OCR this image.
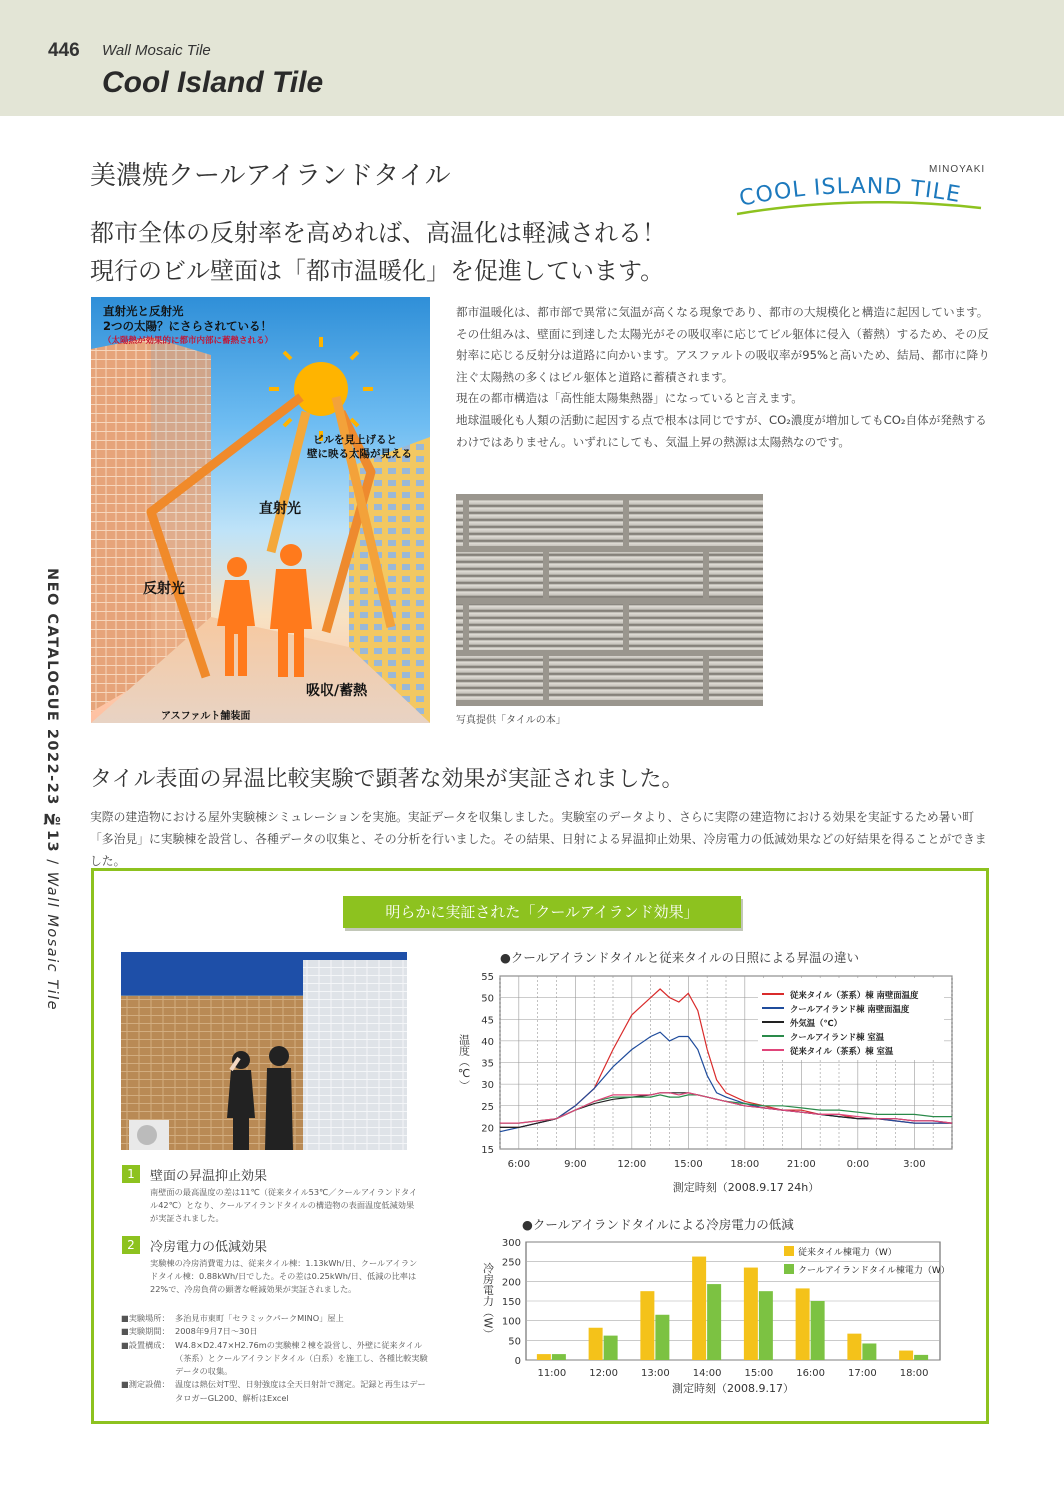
446 Wall Mosaic Tile
Cool Island Tile
NEO CATALOGUE 2022-23 №13 / Wall Mosaic Tile
美濃焼クールアイランドタイル	MINOYAKI
COOL ISLAND TILE
都市全体の反射率を高めれば、高温化は軽減される！
現行のビル壁面は「都市温暖化」を促進しています。
直射光と反射光
2つの太陽？にさらされている！
（太陽熱が効果的に都市内部に蓄熱される）
ビルを見上げると
壁に映る太陽が見える
直射光
反射光
吸収/蓄熱
アスファルト舗装面

都市温暖化は、都市部で異常に気温が高くなる現象であり、都市の大規模化と構造に起因しています。その仕組みは、壁面に到達した太陽光がその吸収率に応じてビル躯体に侵入（蓄熱）するため、その反射率に応じる反射分は道路に向かいます。アスファルトの吸収率が95%と高いため、結局、都市に降り注ぐ太陽熱の多くはビル躯体と道路に蓄積されます。

現在の都市構造は「高性能太陽集熱器」になっていると言えます。

地球温暖化も人類の活動に起因する点で根本は同じですが、CO₂濃度が増加してもCO₂自体が発熱するわけではありません。いずれにしても、気温上昇の熱源は太陽熱なのです。

写真提供「タイルの本」
タイル表面の昇温比較実験で顕著な効果が実証されました。
実際の建造物における屋外実験棟シミュレーションを実施。実証データを収集しました。実験室のデータより、さらに実際の建造物における効果を実証するため暑い町「多治見」に実験棟を設営し、各種データの収集と、その分析を行いました。その結果、日射による昇温抑止効果、冷房電力の低減効果などの好結果を得ることができました。
明らかに実証された「クールアイランド効果」
1	壁面の昇温抑止効果
南壁面の最高温度の差は11℃（従来タイル53℃／クールアイランドタイル42℃）となり、クールアイランドタイルの構造物の表面温度低減効果が実証されました。
2	冷房電力の低減効果
実験棟の冷房消費電力は、従来タイル棟：1.13kWh/日、クールアイランドタイル棟：0.88kWh/日でした。その差は0.25kWh/日、低減の比率は22%で、冷房負荷の顕著な軽減効果が実証されました。
■実験場所： 多治見市東町「セラミックパークMINO」屋上
■実験期間： 2008年9月7日～30日
■設置構成： W4.8×D2.47×H2.76mの実験棟２棟を設営し、外壁に従来タイル（茶系）とクールアイランドタイル（白系）を施工し、各種比較実験データの収集。
■測定設備： 温度は熱伝対T型、日射強度は全天日射計で測定。記録と再生はデータロガーGL200、解析はExcel
●クールアイランドタイルと従来タイルの日照による昇温の違い
15
20
25
30
35
40
45
50
55
6:00	9:00	12:00	15:00	18:00	21:00	0:00	3:00
従来タイル（茶系）棟 南壁面温度
クールアイランド棟 南壁面温度
外気温（℃）
クールアイランド棟 室温
従来タイル（茶系）棟 室温
測定時刻（2008.9.17 24h）
温度（℃）
●クールアイランドタイルによる冷房電力の低減
0
50
100
150
200
250
300
11:00 12:00 13:00 14:00 15:00 16:00 17:00 18:00
従来タイル棟電力（W）
クールアイランドタイル棟電力（W）
測定時刻（2008.9.17）
冷房電力（W）
